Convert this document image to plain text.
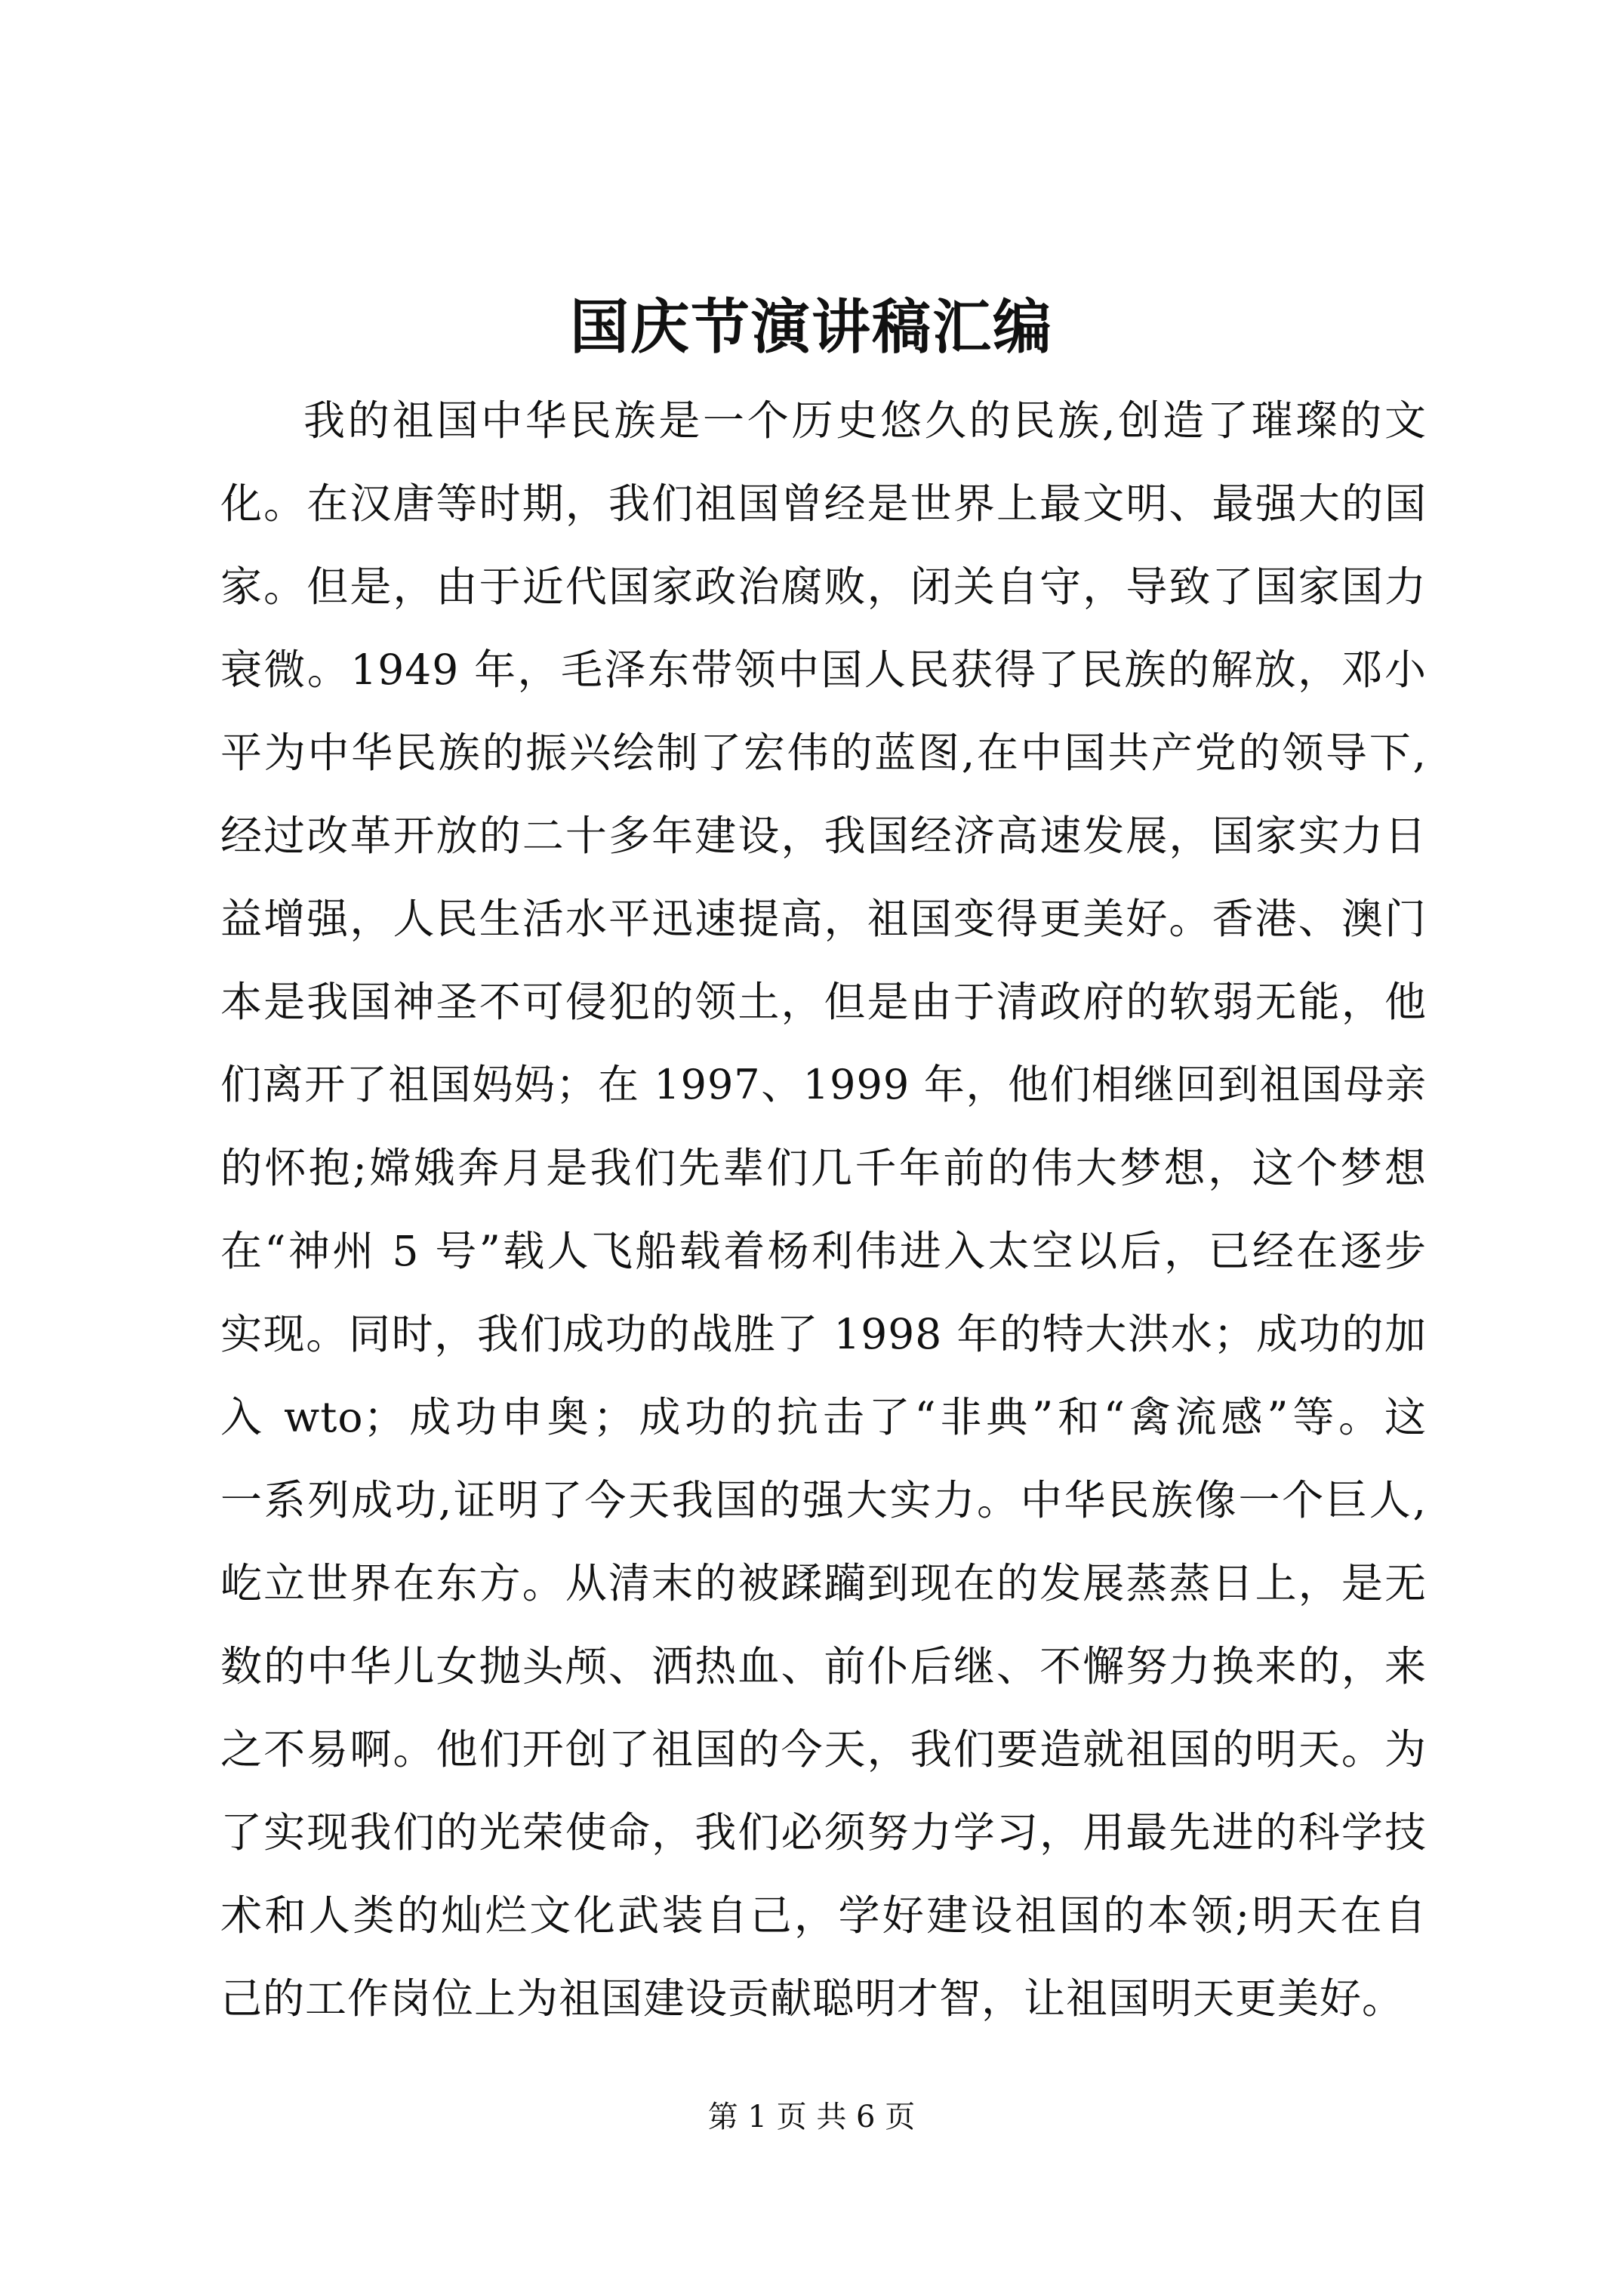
国庆节演讲稿汇编
我的祖国中华民族是一个历史悠久的民族,创造了璀璨的文
化。在汉唐等时期，我们祖国曾经是世界上最文明、最强大的国
家。但是，由于近代国家政治腐败，闭关自守，导致了国家国力
衰微。1949 年，毛泽东带领中国人民获得了民族的解放，邓小
平为中华民族的振兴绘制了宏伟的蓝图,在中国共产党的领导下,
经过改革开放的二十多年建设，我国经济高速发展，国家实力日
益增强，人民生活水平迅速提高，祖国变得更美好。香港、澳门
本是我国神圣不可侵犯的领土，但是由于清政府的软弱无能，他
们离开了祖国妈妈；在 1997、1999 年，他们相继回到祖国母亲
的怀抱;嫦娥奔月是我们先辈们几千年前的伟大梦想，这个梦想
在“神州 5 号”载人飞船载着杨利伟进入太空以后，已经在逐步
实现。同时，我们成功的战胜了 1998 年的特大洪水；成功的加
入 wto；成功申奥；成功的抗击了“非典”和“禽流感”等。这
一系列成功,证明了今天我国的强大实力。中华民族像一个巨人,
屹立世界在东方。从清末的被蹂躏到现在的发展蒸蒸日上，是无
数的中华儿女抛头颅、洒热血、前仆后继、不懈努力换来的，来
之不易啊。他们开创了祖国的今天，我们要造就祖国的明天。为
了实现我们的光荣使命，我们必须努力学习，用最先进的科学技
术和人类的灿烂文化武装自己，学好建设祖国的本领;明天在自
己的工作岗位上为祖国建设贡献聪明才智，让祖国明天更美好。
第 1 页 共 6 页
